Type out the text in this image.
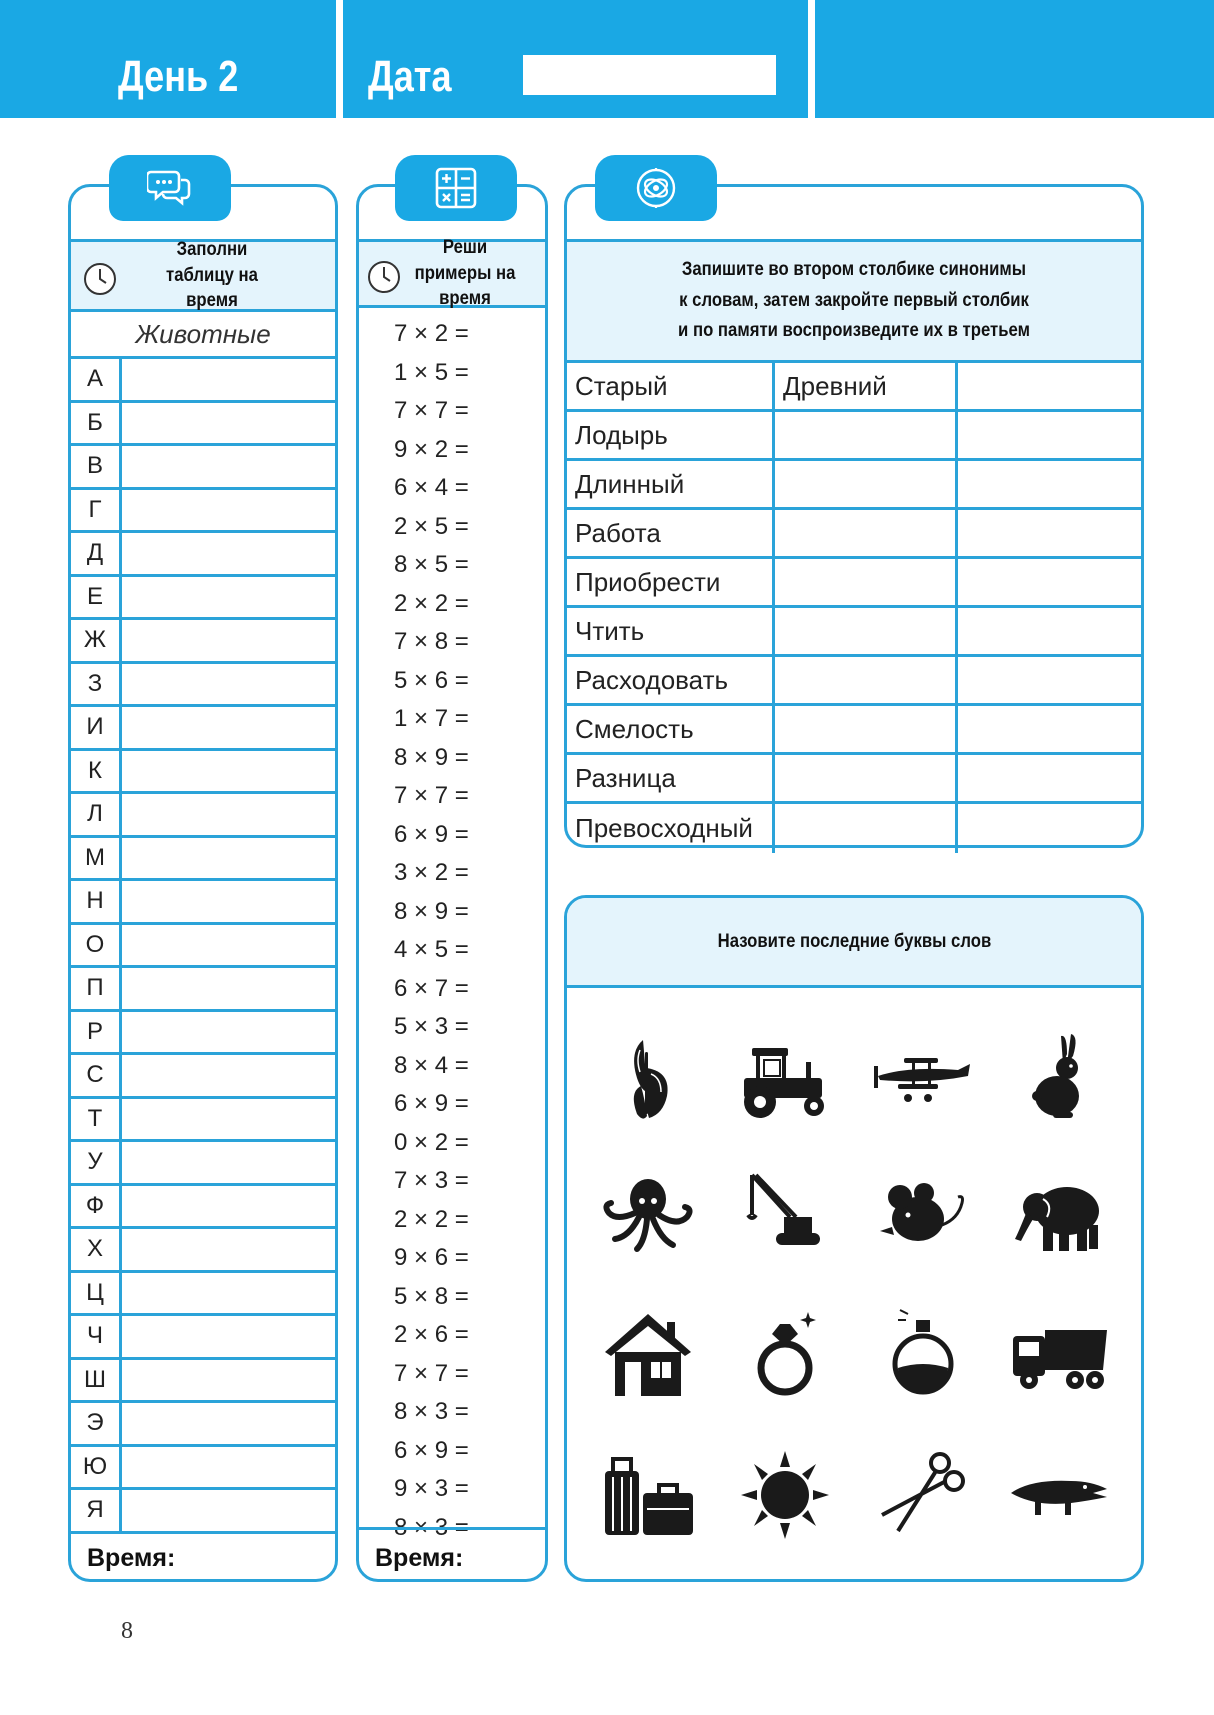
День 2	Дата
Заполни таблицу на время
Животные
А
Б
В
Г
Д
Е
Ж
З
И
К
Л
М
Н
О
П
Р
С
Т
У
Ф
Х
Ц
Ч
Ш
Э
Ю
Я
Время:
Реши примеры на время
7 × 2 =
1 × 5 =
7 × 7 =
9 × 2 =
6 × 4 =
2 × 5 =
8 × 5 =
2 × 2 =
7 × 8 =
5 × 6 =
1 × 7 =
8 × 9 =
7 × 7 =
6 × 9 =
3 × 2 =
8 × 9 =
4 × 5 =
6 × 7 =
5 × 3 =
8 × 4 =
6 × 9 =
0 × 2 =
7 × 3 =
2 × 2 =
9 × 6 =
5 × 8 =
2 × 6 =
7 × 7 =
8 × 3 =
6 × 9 =
9 × 3 =
8 × 3 =
Время:
Запишите во втором столбике синонимы к словам, затем закройте первый столбик и по памяти воспроизведите их в третьем
Старый	Древний
Лодырь
Длинный
Работа
Приобрести
Чтить
Расходовать
Смелость
Разница
Превосходный
Назовите последние буквы слов
8
